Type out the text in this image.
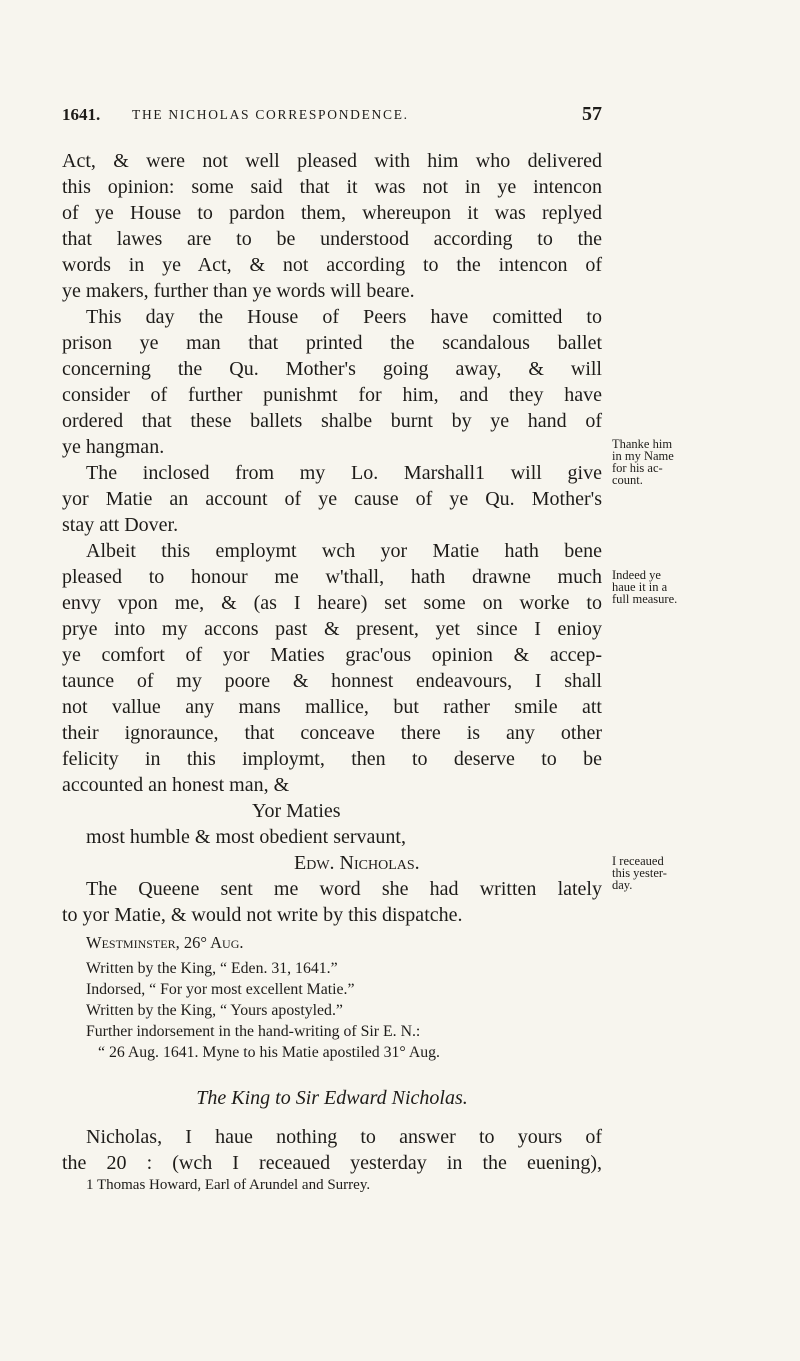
1641. THE NICHOLAS CORRESPONDENCE.	57
Act, & were not well pleased with him who delivered
this opinion: some said that it was not in ye intencon
of ye House to pardon them, whereupon it was replyed
that lawes are to be understood according to the
words in ye Act, & not according to the intencon of
ye makers, further than ye words will beare.
This day the House of Peers have comitted to
prison ye man that printed the scandalous ballet
concerning the Qu. Mother's going away, & will
consider of further punishmt for him, and they have
ordered that these ballets shalbe burnt by ye hand of
ye hangman.
The inclosed from my Lo. Marshall1 will give
yor Matie an account of ye cause of ye Qu. Mother's
stay att Dover.
Albeit this employmt wch yor Matie hath bene
pleased to honour me w'thall, hath drawne much
envy vpon me, & (as I heare) set some on worke to
prye into my accons past & present, yet since I enioy
ye comfort of yor Maties grac'ous opinion & accep-
taunce of my poore & honnest endeavours, I shall
not vallue any mans mallice, but rather smile att
their ignoraunce, that conceave there is any other
felicity in this imploymt, then to deserve to be
accounted an honest man, &
Yor Maties
most humble & most obedient servaunt,
Edw. Nicholas.
The Queene sent me word she had written lately
to yor Matie, & would not write by this dispatche.
Westminster, 26° Aug.
Written by the King, “ Eden. 31, 1641.”
Indorsed, “ For yor most excellent Matie.”
Written by the King, “ Yours apostyled.”
Further indorsement in the hand-writing of Sir E. N.:
“ 26 Aug. 1641. Myne to his Matie apostiled 31° Aug.
The King to Sir Edward Nicholas.
Nicholas, I haue nothing to answer to yours of
the 20 : (wch I receaued yesterday in the euening),
1 Thomas Howard, Earl of Arundel and Surrey.
Thanke him
in my Name
for his ac-
count.
Indeed ye
haue it in a
full measure.
I receaued
this yester-
day.
